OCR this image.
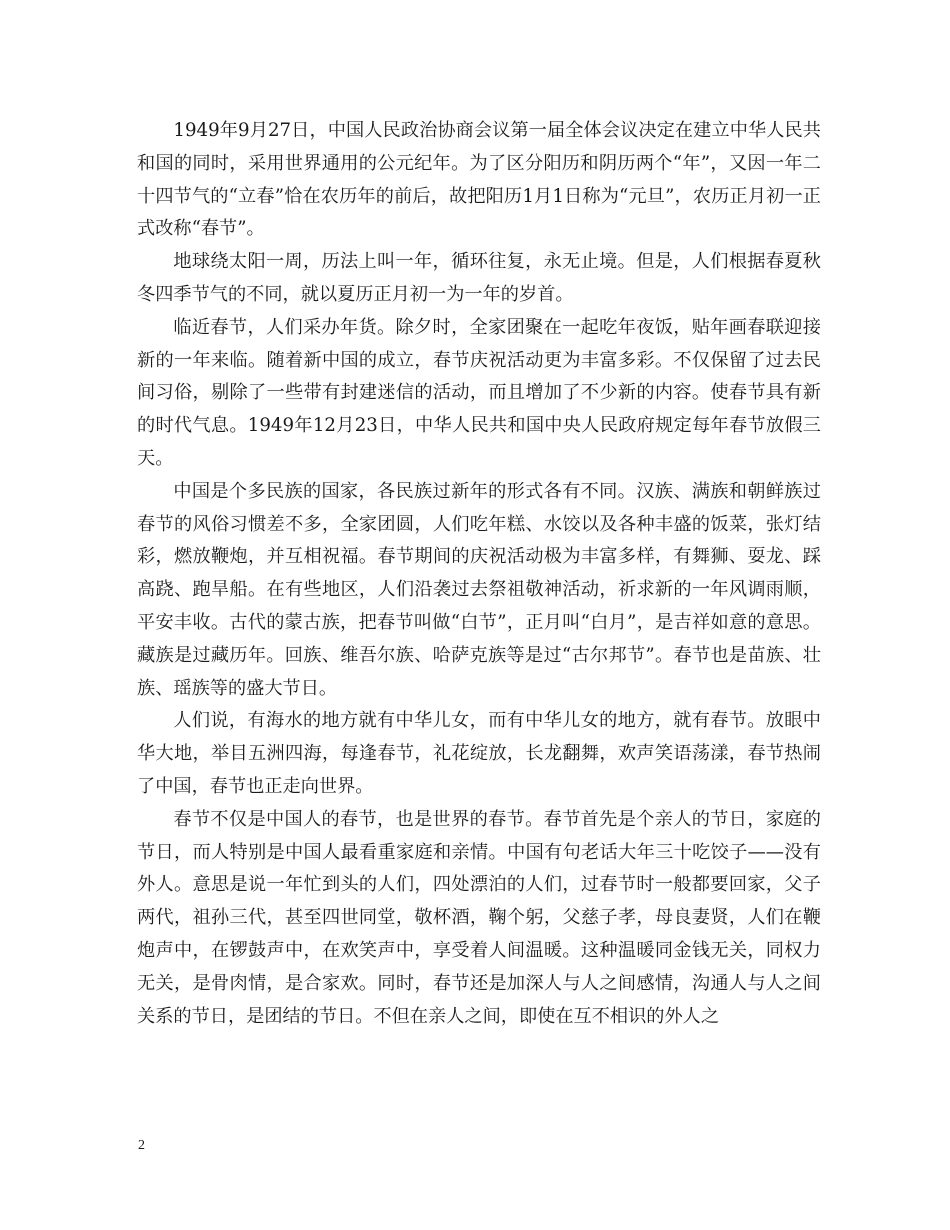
1949年9月27日，中国人民政治协商会议第一届全体会议决定在建立中华人民共和国的同时，采用世界通用的公元纪年。为了区分阳历和阴历两个“年”，又因一年二十四节气的“立春”恰在农历年的前后，故把阳历1月1日称为“元旦”，农历正月初一正式改称“春节”。

地球绕太阳一周，历法上叫一年，循环往复，永无止境。但是，人们根据春夏秋冬四季节气的不同，就以夏历正月初一为一年的岁首。

临近春节，人们采办年货。除夕时，全家团聚在一起吃年夜饭，贴年画春联迎接新的一年来临。随着新中国的成立，春节庆祝活动更为丰富多彩。不仅保留了过去民间习俗，剔除了一些带有封建迷信的活动，而且增加了不少新的内容。使春节具有新的时代气息。1949年12月23日，中华人民共和国中央人民政府规定每年春节放假三天。

中国是个多民族的国家，各民族过新年的形式各有不同。汉族、满族和朝鲜族过春节的风俗习惯差不多，全家团圆，人们吃年糕、水饺以及各种丰盛的饭菜，张灯结彩，燃放鞭炮，并互相祝福。春节期间的庆祝活动极为丰富多样，有舞狮、耍龙、踩高跷、跑旱船。在有些地区，人们沿袭过去祭祖敬神活动，祈求新的一年风调雨顺，平安丰收。古代的蒙古族，把春节叫做“白节”，正月叫“白月”，是吉祥如意的意思。藏族是过藏历年。回族、维吾尔族、哈萨克族等是过“古尔邦节”。春节也是苗族、壮族、瑶族等的盛大节日。

人们说，有海水的地方就有中华儿女，而有中华儿女的地方，就有春节。放眼中华大地，举目五洲四海，每逢春节，礼花绽放，长龙翻舞，欢声笑语荡漾，春节热闹了中国，春节也正走向世界。

春节不仅是中国人的春节，也是世界的春节。春节首先是个亲人的节日，家庭的节日，而人特别是中国人最看重家庭和亲情。中国有句老话大年三十吃饺子——没有外人。意思是说一年忙到头的人们，四处漂泊的人们，过春节时一般都要回家，父子两代，祖孙三代，甚至四世同堂，敬杯酒，鞠个躬，父慈子孝，母良妻贤，人们在鞭炮声中，在锣鼓声中，在欢笑声中，享受着人间温暖。这种温暖同金钱无关，同权力无关，是骨肉情，是合家欢。同时，春节还是加深人与人之间感情，沟通人与人之间关系的节日，是团结的节日。不但在亲人之间，即使在互不相识的外人之

2
